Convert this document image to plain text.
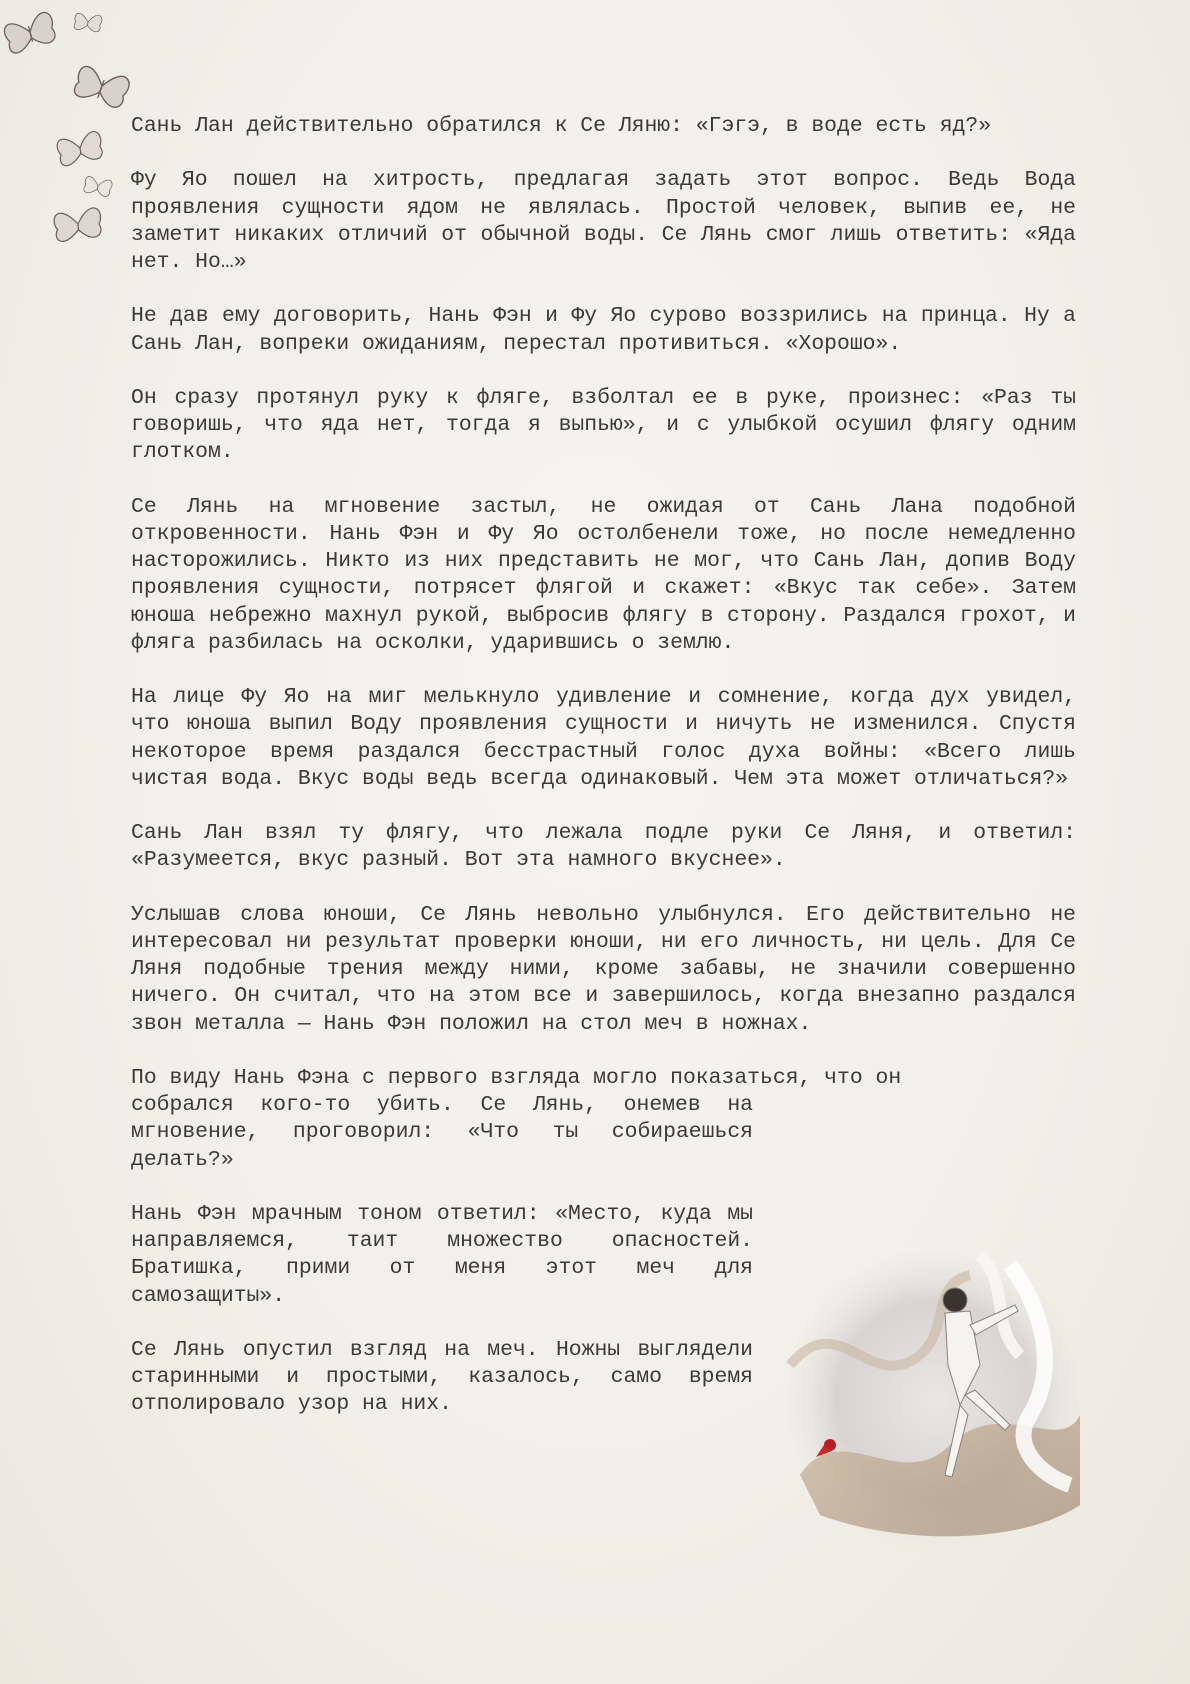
Сань Лан действительно обратился к Се Ляню: «Гэгэ, в воде есть яд?»

Фу Яо пошел на хитрость, предлагая задать этот вопрос. Ведь Вода проявления сущности ядом не являлась. Простой человек, выпив ее, не заметит никаких отличий от обычной воды. Се Лянь смог лишь ответить: «Яда нет. Но…»

Не дав ему договорить, Нань Фэн и Фу Яо сурово воззрились на принца. Ну а Сань Лан, вопреки ожиданиям, перестал противиться. «Хорошо».

Он сразу протянул руку к фляге, взболтал ее в руке, произнес: «Раз ты говоришь, что яда нет, тогда я выпью», и с улыбкой осушил флягу одним глотком.

Се Лянь на мгновение застыл, не ожидая от Сань Лана подобной откровенности. Нань Фэн и Фу Яо остолбенели тоже, но после немедленно насторожились. Никто из них представить не мог, что Сань Лан, допив Воду проявления сущности, потрясет флягой и скажет: «Вкус так себе». Затем юноша небрежно махнул рукой, выбросив флягу в сторону. Раздался грохот, и фляга разбилась на осколки, ударившись о землю.

На лице Фу Яо на миг мелькнуло удивление и сомнение, когда дух увидел, что юноша выпил Воду проявления сущности и ничуть не изменился. Спустя некоторое время раздался бесстрастный голос духа войны: «Всего лишь чистая вода. Вкус воды ведь всегда одинаковый. Чем эта может отличаться?»

Сань Лан взял ту флягу, что лежала подле руки Се Ляня, и ответил: «Разумеется, вкус разный. Вот эта намного вкуснее».

Услышав слова юноши, Се Лянь невольно улыбнулся. Его действительно не интересовал ни результат проверки юноши, ни его личность, ни цель. Для Се Ляня подобные трения между ними, кроме забавы, не значили совершенно ничего. Он считал, что на этом все и завершилось, когда внезапно раздался звон металла — Нань Фэн положил на стол меч в ножнах.

По виду Нань Фэна с первого взгляда могло показаться, что он
собрался кого-то убить. Се Лянь, онемев на мгновение, проговорил: «Что ты собираешься делать?»

Нань Фэн мрачным тоном ответил: «Место, куда мы направляемся, таит множество опасностей. Братишка, прими от меня этот меч для самозащиты».

Се Лянь опустил взгляд на меч. Ножны выглядели старинными и простыми, казалось, само время отполировало узор на них.
